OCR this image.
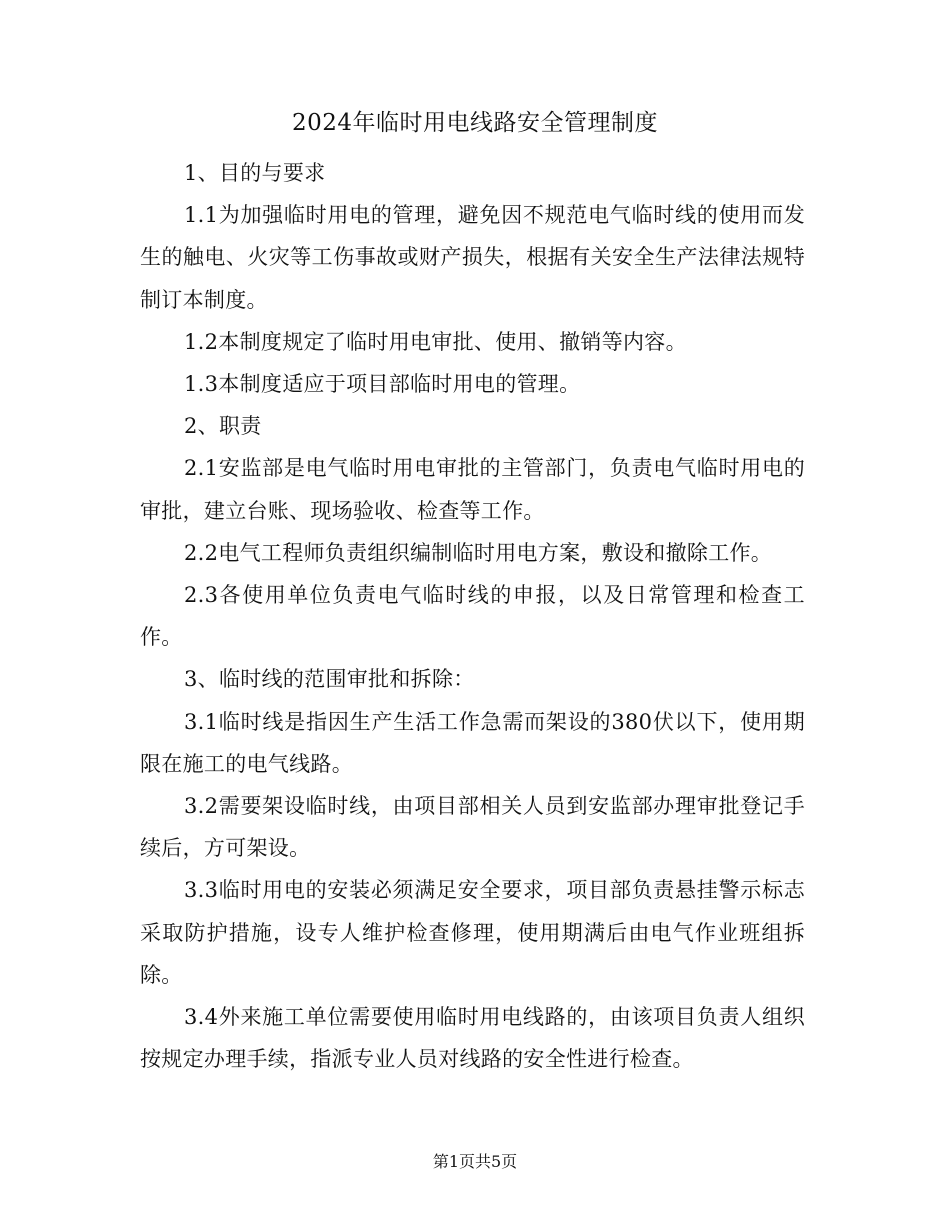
2024年临时用电线路安全管理制度

1、目的与要求

1.1为加强临时用电的管理，避免因不规范电气临时线的使用而发生的触电、火灾等工伤事故或财产损失，根据有关安全生产法律法规特制订本制度。

1.2本制度规定了临时用电审批、使用、撤销等内容。

1.3本制度适应于项目部临时用电的管理。

2、职责

2.1安监部是电气临时用电审批的主管部门，负责电气临时用电的审批，建立台账、现场验收、检查等工作。

2.2电气工程师负责组织编制临时用电方案，敷设和撤除工作。

2.3各使用单位负责电气临时线的申报，以及日常管理和检查工作。

3、临时线的范围审批和拆除：

3.1临时线是指因生产生活工作急需而架设的380伏以下，使用期限在施工的电气线路。

3.2需要架设临时线，由项目部相关人员到安监部办理审批登记手续后，方可架设。

3.3临时用电的安装必须满足安全要求，项目部负责悬挂警示标志采取防护措施，设专人维护检查修理，使用期满后由电气作业班组拆除。

3.4外来施工单位需要使用临时用电线路的，由该项目负责人组织按规定办理手续，指派专业人员对线路的安全性进行检查。

第1页共5页
